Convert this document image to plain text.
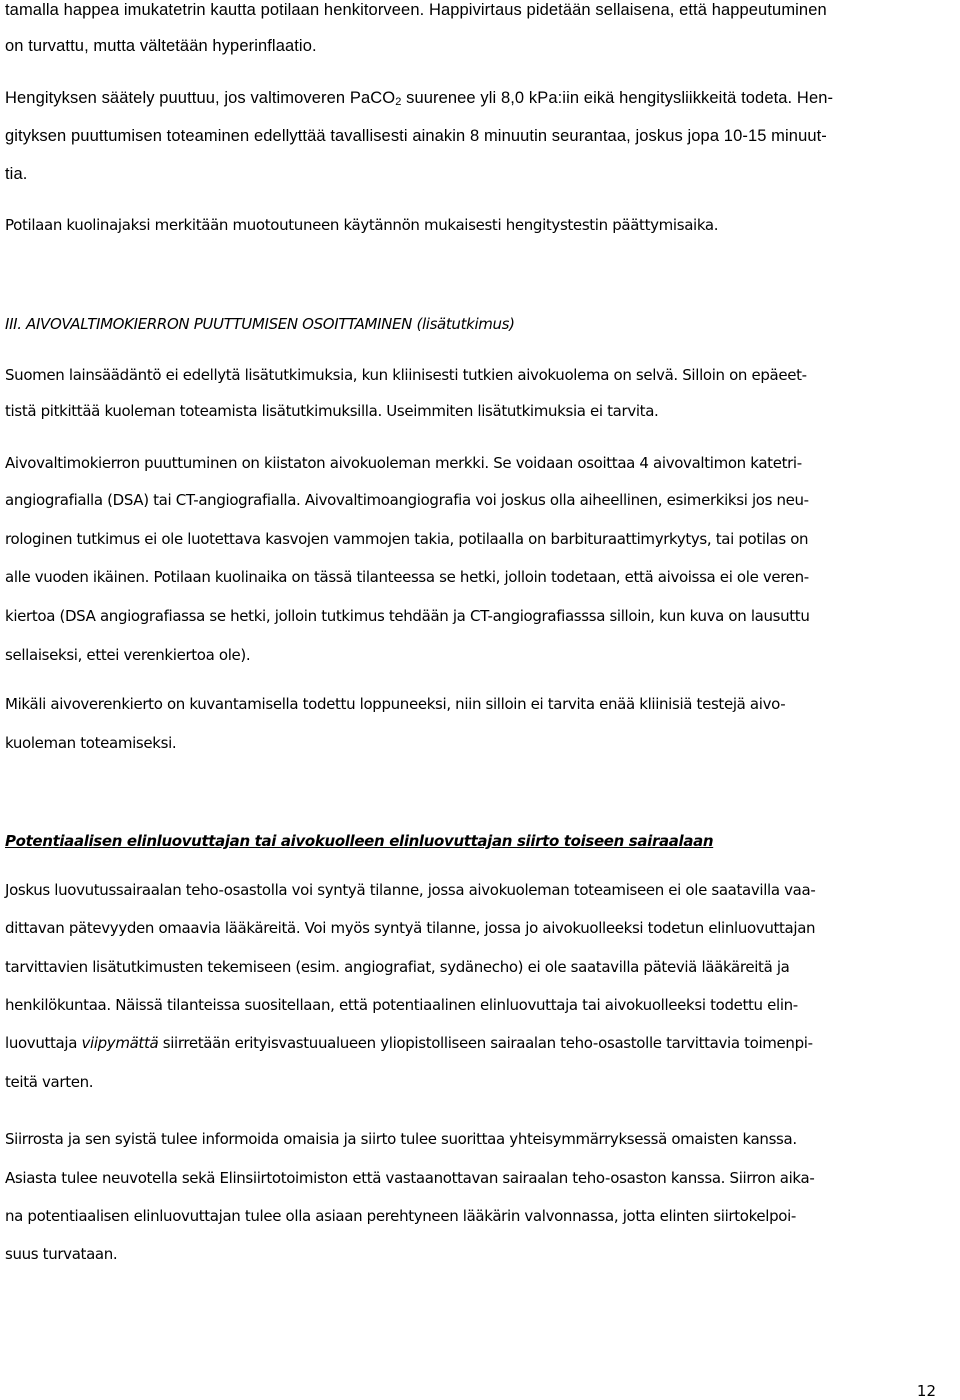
tamalla happea imukatetrin kautta potilaan henkitorveen. Happivirtaus pidetään sellaisena, että happeutuminen
on turvattu, mutta vältetään hyperinflaatio.
Hengityksen säätely puuttuu, jos valtimoveren PaCO$_2$ suurenee yli 8,0 kPa:iin eikä hengitysliikkeitä todeta. Hen-
gityksen puuttumisen toteaminen edellyttää tavallisesti ainakin 8 minuutin seurantaa, joskus jopa 10-15 minuut-
tia.
Potilaan kuolinajaksi merkitään muotoutuneen käytännön mukaisesti hengitystestin päättymisaika.
III. AIVOVALTIMOKIERRON PUUTTUMISEN OSOITTAMINEN (lisätutkimus)
Suomen lainsäädäntö ei edellytä lisätutkimuksia, kun kliinisesti tutkien aivokuolema on selvä. Silloin on epäeet-
tistä pitkittää kuoleman toteamista lisätutkimuksilla. Useimmiten lisätutkimuksia ei tarvita.
Aivovaltimokierron puuttuminen on kiistaton aivokuoleman merkki. Se voidaan osoittaa 4 aivovaltimon katetri-
angiografialla (DSA) tai CT-angiografialla. Aivovaltimoangiografia voi joskus olla aiheellinen, esimerkiksi jos neu-
rologinen tutkimus ei ole luotettava kasvojen vammojen takia, potilaalla on barbituraattimyrkytys, tai potilas on
alle vuoden ikäinen. Potilaan kuolinaika on tässä tilanteessa se hetki, jolloin todetaan, että aivoissa ei ole veren-
kiertoa (DSA angiografiassa se hetki, jolloin tutkimus tehdään ja CT-angiografiasssa silloin, kun kuva on lausuttu
sellaiseksi, ettei verenkiertoa ole).
Mikäli aivoverenkierto on kuvantamisella todettu loppuneeksi, niin silloin ei tarvita enää kliinisiä testejä aivo-
kuoleman toteamiseksi.
Potentiaalisen elinluovuttajan tai aivokuolleen elinluovuttajan siirto toiseen sairaalaan
Joskus luovutussairaalan teho-osastolla voi syntyä tilanne, jossa aivokuoleman toteamiseen ei ole saatavilla vaa-
dittavan pätevyyden omaavia lääkäreitä. Voi myös syntyä tilanne, jossa jo aivokuolleeksi todetun elinluovuttajan
tarvittavien lisätutkimusten tekemiseen (esim. angiografiat, sydänecho) ei ole saatavilla päteviä lääkäreitä ja
henkilökuntaa. Näissä tilanteissa suositellaan, että potentiaalinen elinluovuttaja tai aivokuolleeksi todettu elin-
luovuttaja viipymättä siirretään erityisvastuualueen yliopistolliseen sairaalan teho-osastolle tarvittavia toimenpi-
teitä varten.
Siirrosta ja sen syistä tulee informoida omaisia ja siirto tulee suorittaa yhteisymmärryksessä omaisten kanssa.
Asiasta tulee neuvotella sekä Elinsiirtotoimiston että vastaanottavan sairaalan teho-osaston kanssa. Siirron aika-
na potentiaalisen elinluovuttajan tulee olla asiaan perehtyneen lääkärin valvonnassa, jotta elinten siirtokelpoi-
suus turvataan.
12
